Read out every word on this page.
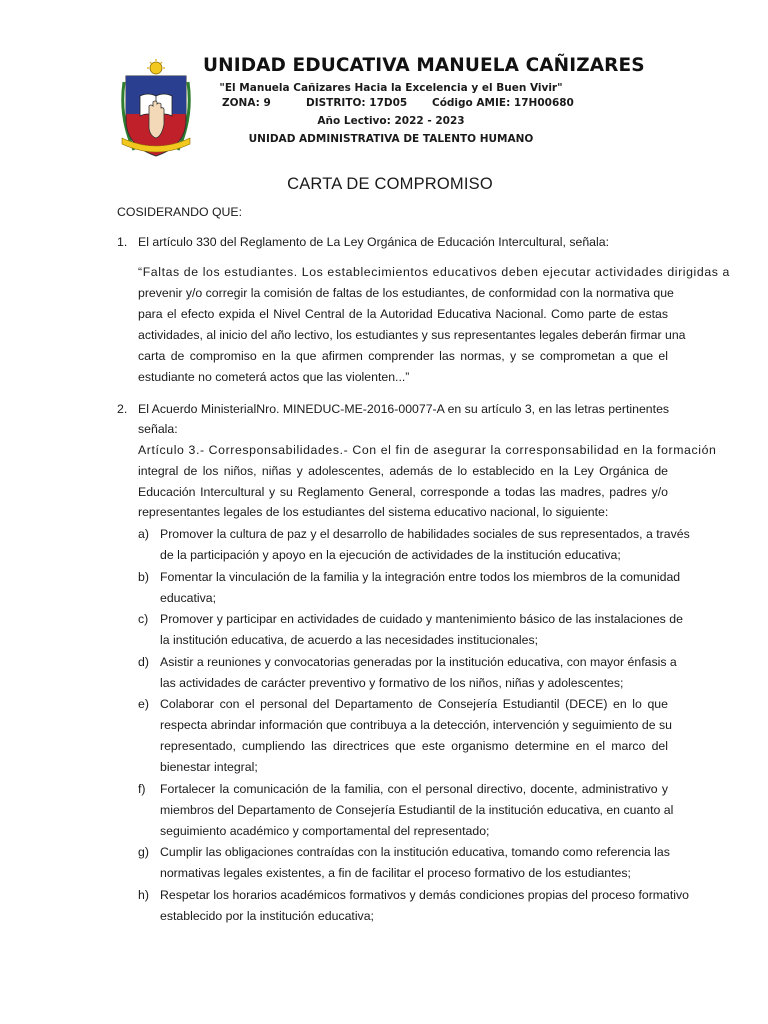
UNIDAD EDUCATIVA MANUELA CAÑIZARES
"El Manuela Cañizares Hacia la Excelencia y el Buen Vivir"
ZONA: 9	DISTRITO: 17D05 Código AMIE: 17H00680
Año Lectivo: 2022 - 2023
UNIDAD ADMINISTRATIVA DE TALENTO HUMANO
CARTA DE COMPROMISO
COSIDERANDO QUE:
1. El artículo 330 del Reglamento de La Ley Orgánica de Educación Intercultural, señala:
“Faltas de los estudiantes. Los establecimientos educativos deben ejecutar actividades dirigidas a
prevenir y/o corregir la comisión de faltas de los estudiantes, de conformidad con la normativa que
para el efecto expida el Nivel Central de la Autoridad Educativa Nacional. Como parte de estas
actividades, al inicio del año lectivo, los estudiantes y sus representantes legales deberán firmar una
carta de compromiso en la que afirmen comprender las normas, y se comprometan a que el
estudiante no cometerá actos que las violenten...”
2. El Acuerdo MinisterialNro. MINEDUC-ME-2016-00077-A en su artículo 3, en las letras pertinentes
señala:
Artículo 3.- Corresponsabilidades.- Con el fin de asegurar la corresponsabilidad en la formación
integral de los niños, niñas y adolescentes, además de lo establecido en la Ley Orgánica de
Educación Intercultural y su Reglamento General, corresponde a todas las madres, padres y/o
representantes legales de los estudiantes del sistema educativo nacional, lo siguiente:
a) Promover la cultura de paz y el desarrollo de habilidades sociales de sus representados, a través
de la participación y apoyo en la ejecución de actividades de la institución educativa;
b) Fomentar la vinculación de la familia y la integración entre todos los miembros de la comunidad
educativa;
c) Promover y participar en actividades de cuidado y mantenimiento básico de las instalaciones de
la institución educativa, de acuerdo a las necesidades institucionales;
d) Asistir a reuniones y convocatorias generadas por la institución educativa, con mayor énfasis a
las actividades de carácter preventivo y formativo de los niños, niñas y adolescentes;
e) Colaborar con el personal del Departamento de Consejería Estudiantil (DECE) en lo que
respecta abrindar información que contribuya a la detección, intervención y seguimiento de su
representado, cumpliendo las directrices que este organismo determine en el marco del
bienestar integral;
f) Fortalecer la comunicación de la familia, con el personal directivo, docente, administrativo y
miembros del Departamento de Consejería Estudiantil de la institución educativa, en cuanto al
seguimiento académico y comportamental del representado;
g) Cumplir las obligaciones contraídas con la institución educativa, tomando como referencia las
normativas legales existentes, a fin de facilitar el proceso formativo de los estudiantes;
h) Respetar los horarios académicos formativos y demás condiciones propias del proceso formativo
establecido por la institución educativa;
